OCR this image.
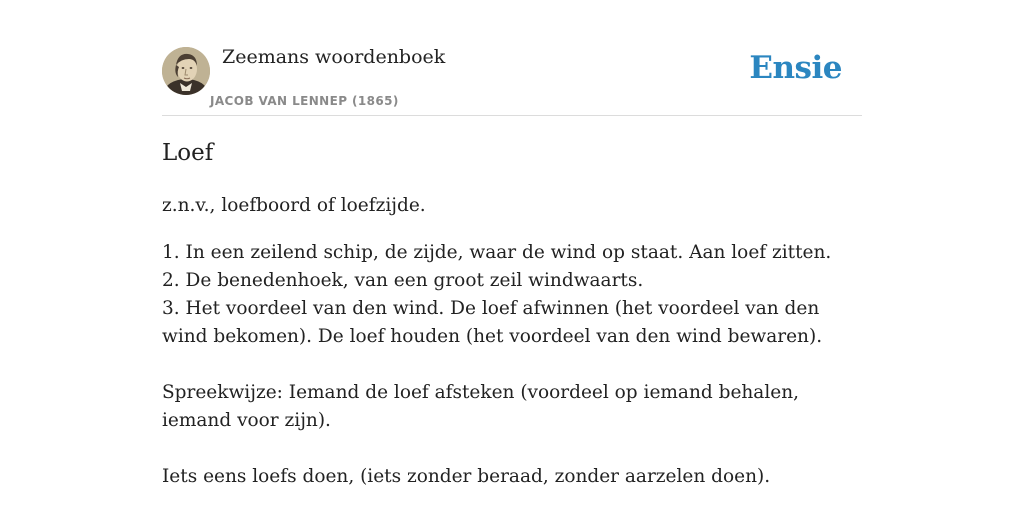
Zeemans woordenboek
JACOB VAN LENNEP (1865)
Ensie
Loef

z.n.v., loefboord of loefzijde.

1. In een zeilend schip, de zijde, waar de wind op staat. Aan loef zitten.

2. De benedenhoek, van een groot zeil windwaarts.

3. Het voordeel van den wind. De loef afwinnen (het voordeel van den wind bekomen). De loef houden (het voordeel van den wind bewaren).

Spreekwijze: Iemand de loef afsteken (voordeel op iemand behalen, iemand voor zijn).

Iets eens loefs doen, (iets zonder beraad, zonder aarzelen doen).
